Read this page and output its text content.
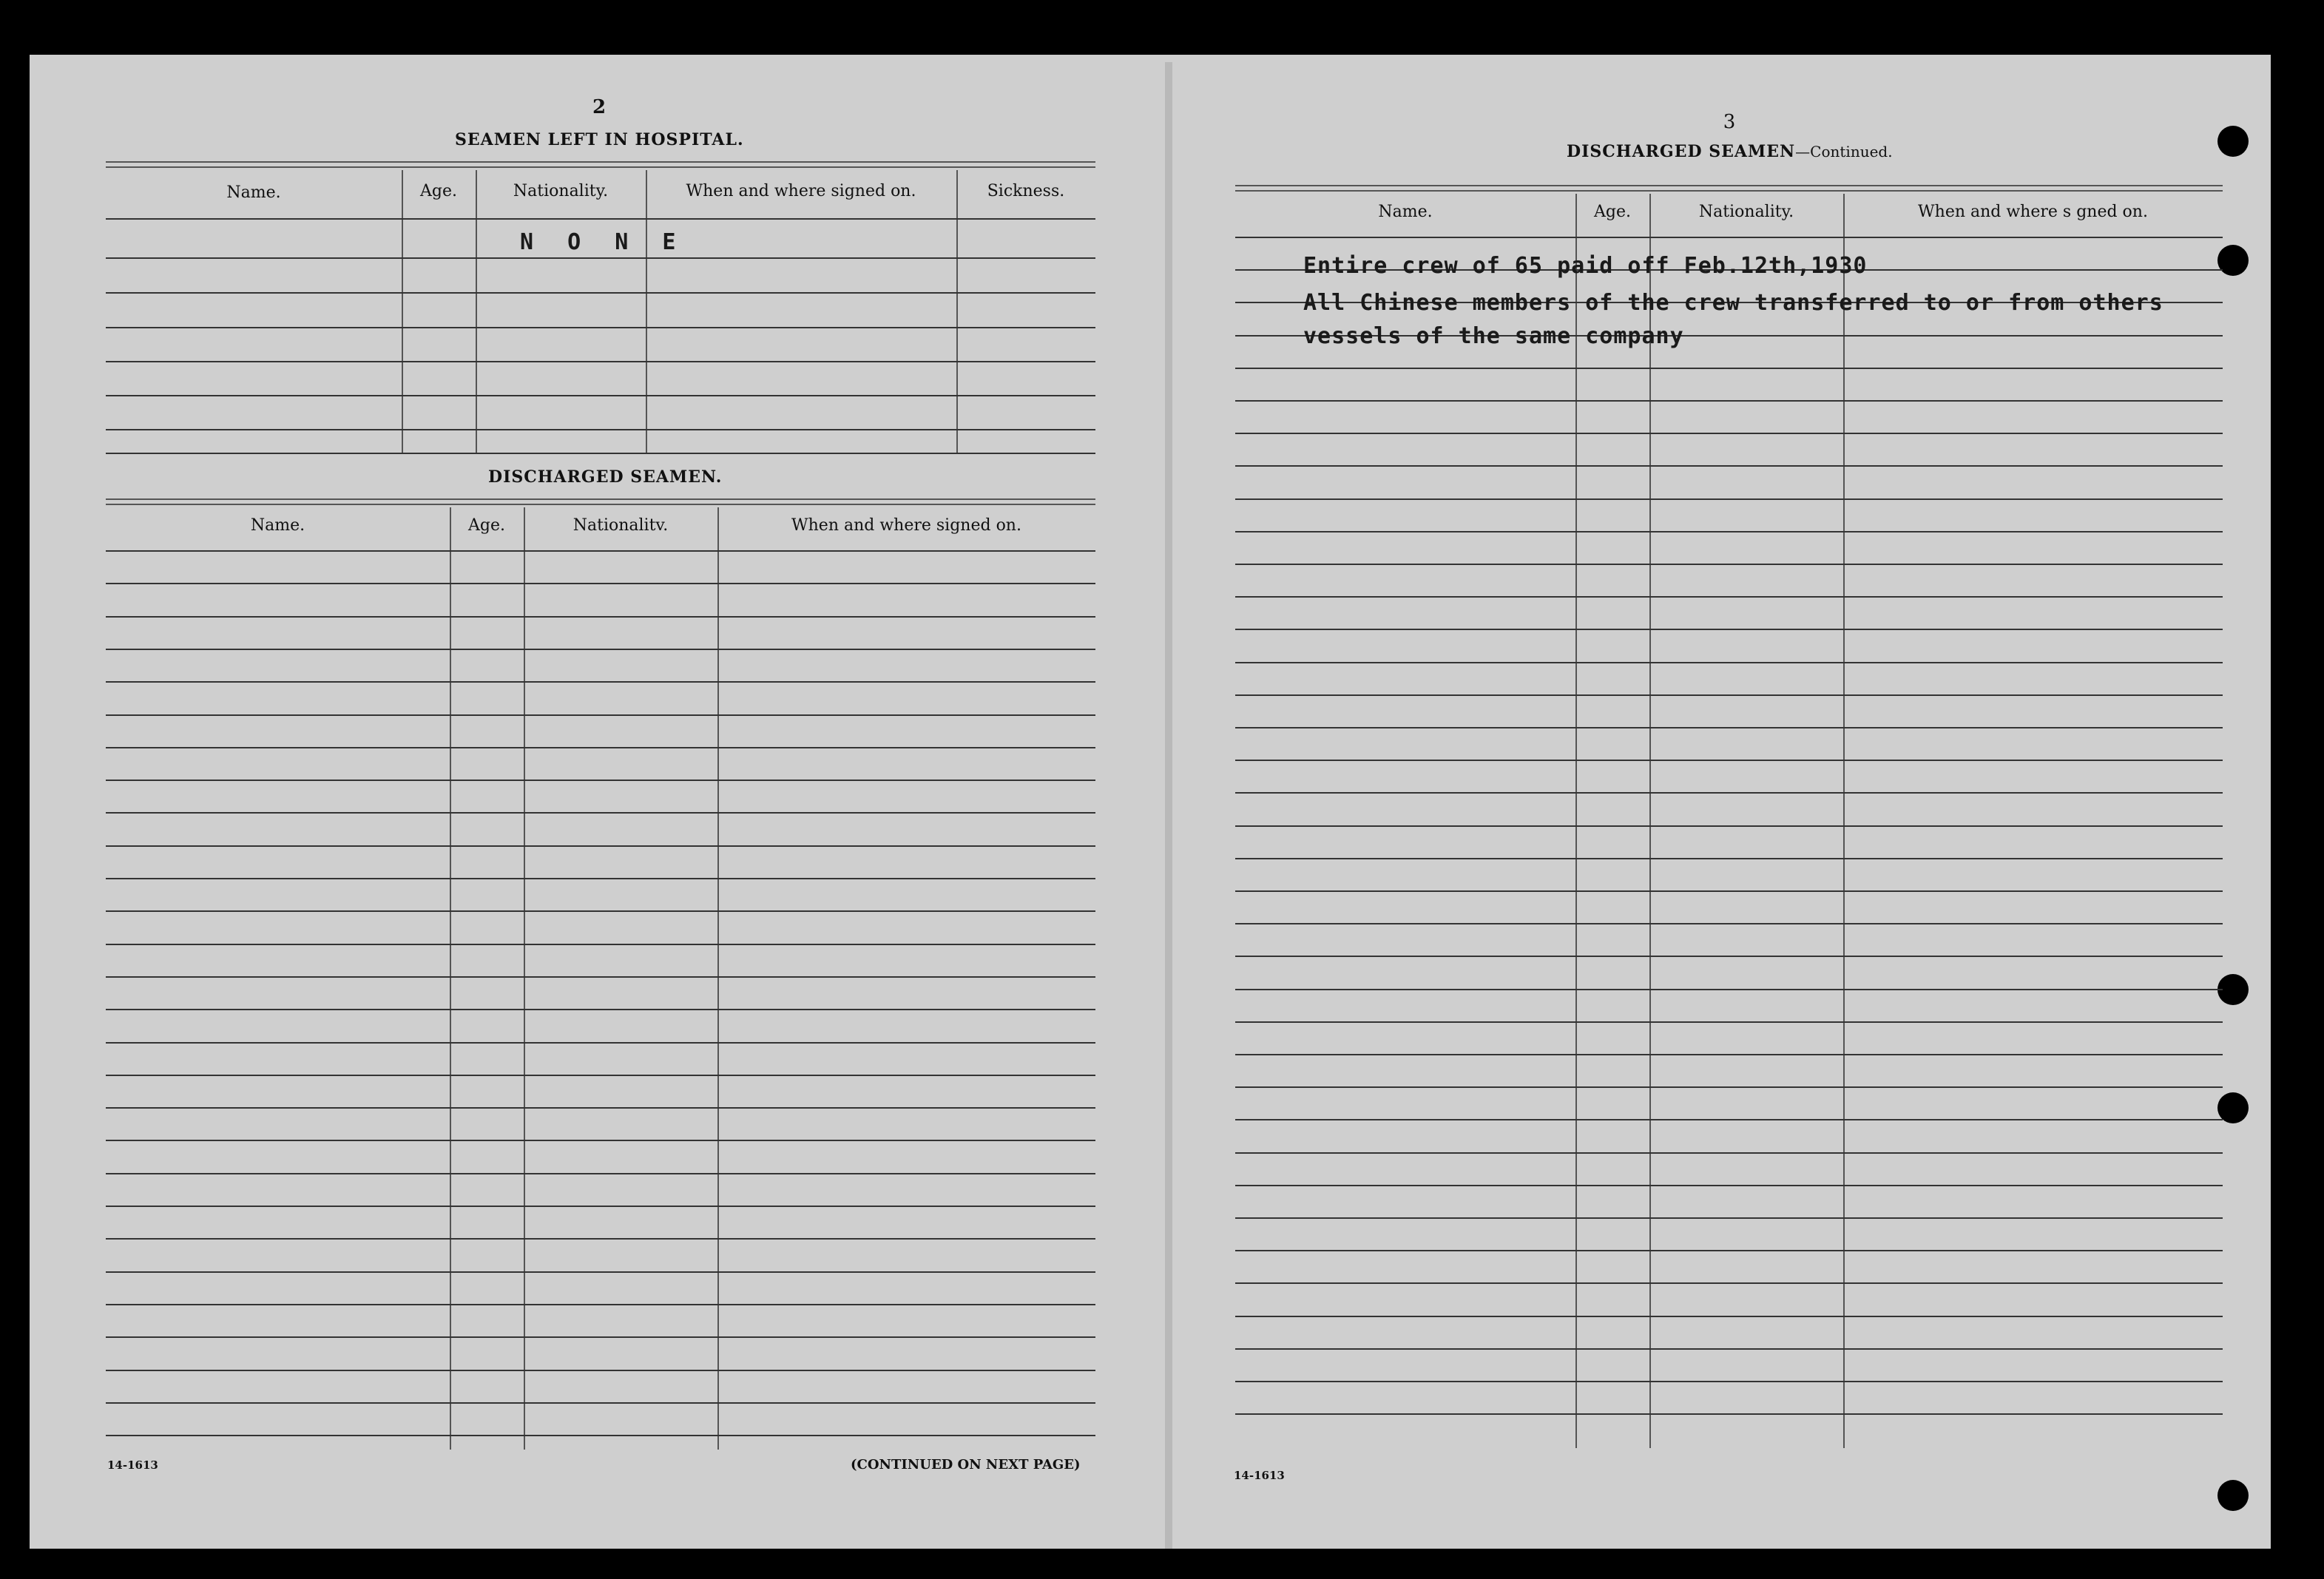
2
SEAMEN LEFT IN HOSPITAL.
Name.	Age.	Nationality.	When and where signed on.	Sickness.
N O N E
DISCHARGED SEAMEN.
Name.	Age.	Nationalitv.	When and where signed on.
14-1613	(CONTINUED ON NEXT PAGE)
3
DISCHARGED SEAMEN—Continued.
Name.	Age.	Nationality.	When and where s gned on.
Entire crew of 65 paid off Feb.12th,1930
All Chinese members of the crew transferred to or from others
vessels of the same company
14-1613
